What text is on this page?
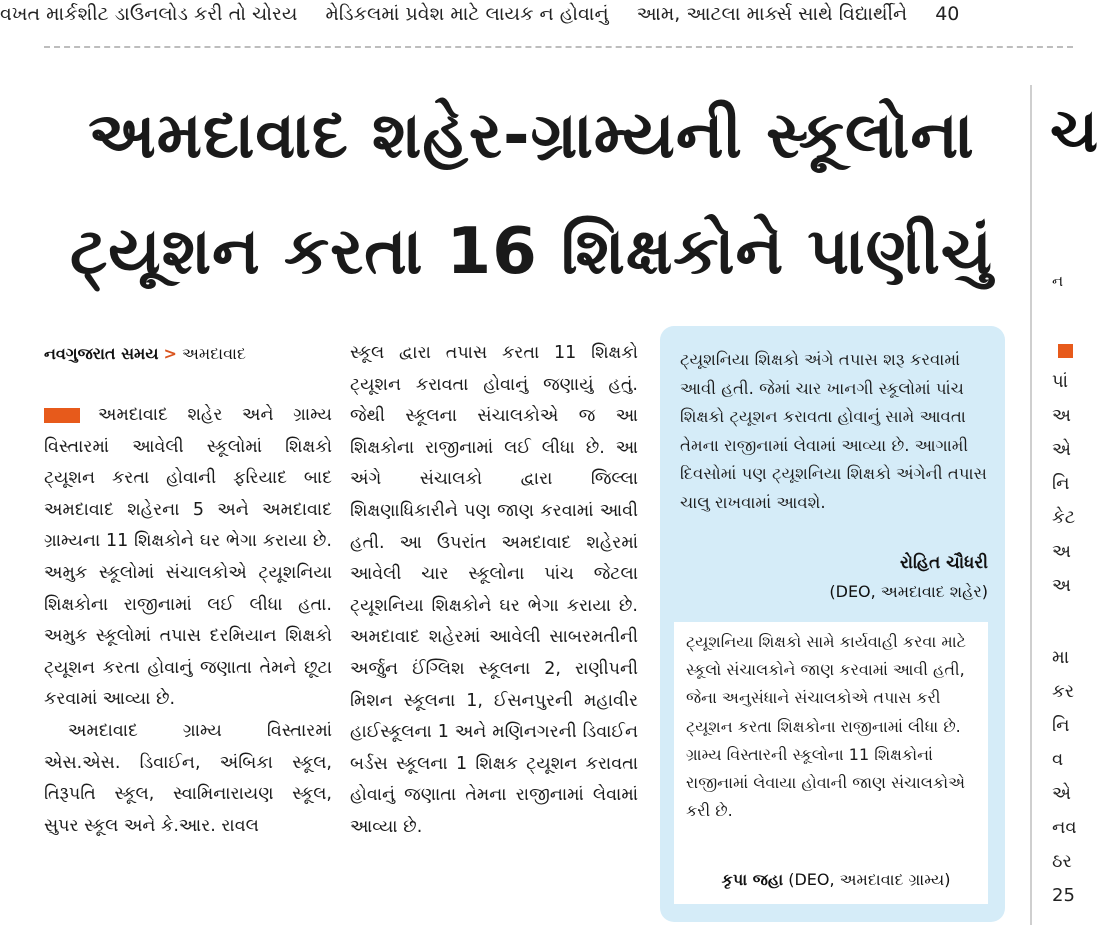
વખત માર્કશીટ ડાઉનલોડ કરી તો ચોરય મેડિકલમાં પ્રવેશ માટે લાયક ન હોવાનું આમ, આટલા માર્ક્સ સાથે વિદ્યાર્થીને 40
અમદાવાદ શહેર-ગ્રામ્યની સ્કૂલોના
ટ્યૂશન કરતા 16 શિક્ષકોને પાણીચું
નવગુજરાત સમય > અમદાવાદ

અમદાવાદ શહેર અને ગ્રામ્ય વિસ્તારમાં આવેલી સ્કૂલોમાં શિક્ષકો ટ્યૂશન કરતા હોવાની ફરિયાદ બાદ અમદાવાદ શહેરના 5 અને અમદાવાદ ગ્રામ્યના 11 શિક્ષકોને ઘર ભેગા કરાયા છે. અમુક સ્કૂલોમાં સંચાલકોએ ટ્યૂશનિયા શિક્ષકોના રાજીનામાં લઈ લીધા હતા. અમુક સ્કૂલોમાં તપાસ દરમિયાન શિક્ષકો ટ્યૂશન કરતા હોવાનું જણાતા તેમને છૂટા કરવામાં આવ્યા છે.

અમદાવાદ ગ્રામ્ય વિસ્તારમાં એસ.એસ. ડિવાઈન, અંબિકા સ્કૂલ, તિરૂપતિ સ્કૂલ, સ્વામિનારાયણ સ્કૂલ, સુપર સ્કૂલ અને કે.આર. રાવલ

સ્કૂલ દ્વારા તપાસ કરતા 11 શિક્ષકો ટ્યૂશન કરાવતા હોવાનું જણાયું હતું. જેથી સ્કૂલના સંચાલકોએ જ આ શિક્ષકોના રાજીનામાં લઈ લીધા છે. આ અંગે સંચાલકો દ્વારા જિલ્લા શિક્ષણાધિકારીને પણ જાણ કરવામાં આવી હતી. આ ઉપરાંત અમદાવાદ શહેરમાં આવેલી ચાર સ્કૂલોના પાંચ જેટલા ટ્યૂશનિયા શિક્ષકોને ઘર ભેગા કરાયા છે. અમદાવાદ શહેરમાં આવેલી સાબરમતીની અર્જુન ઈંગ્લિશ સ્કૂલના 2, રાણીપની મિશન સ્કૂલના 1, ઈસનપુરની મહાવીર હાઈસ્કૂલના 1 અને મણિનગરની ડિવાઈન બર્ડસ સ્કૂલના 1 શિક્ષક ટ્યૂશન કરાવતા હોવાનું જણાતા તેમના રાજીનામાં લેવામાં આવ્યા છે.

ટ્યૂશનિયા શિક્ષકો અંગે તપાસ શરૂ કરવામાં આવી હતી. જેમાં ચાર ખાનગી સ્કૂલોમાં પાંચ શિક્ષકો ટ્યૂશન કરાવતા હોવાનું સામે આવતા તેમના રાજીનામાં લેવામાં આવ્યા છે. આગામી દિવસોમાં પણ ટ્યૂશનિયા શિક્ષકો અંગેની તપાસ ચાલુ રાખવામાં આવશે.

રોહિત ચૌધરી
(DEO, અમદાવાદ શહેર)

ટ્યૂશનિયા શિક્ષકો સામે કાર્યવાહી કરવા માટે સ્કૂલો સંચાલકોને જાણ કરવામાં આવી હતી, જેના અનુસંધાને સંચાલકોએ તપાસ કરી ટ્યૂશન કરતા શિક્ષકોના રાજીનામાં લીધા છે. ગ્રામ્ય વિસ્તારની સ્કૂલોના 11 શિક્ષકોનાં રાજીનામાં લેવાયા હોવાની જાણ સંચાલકોએ કરી છે.

કૃપા જહા (DEO, અમદાવાદ ગ્રામ્ય)
ચ
ન
પાં
અ
એ
નિ
કેટ
અ
અ
મા
કર
નિ
વ
એ
નવ
ઠર
25
